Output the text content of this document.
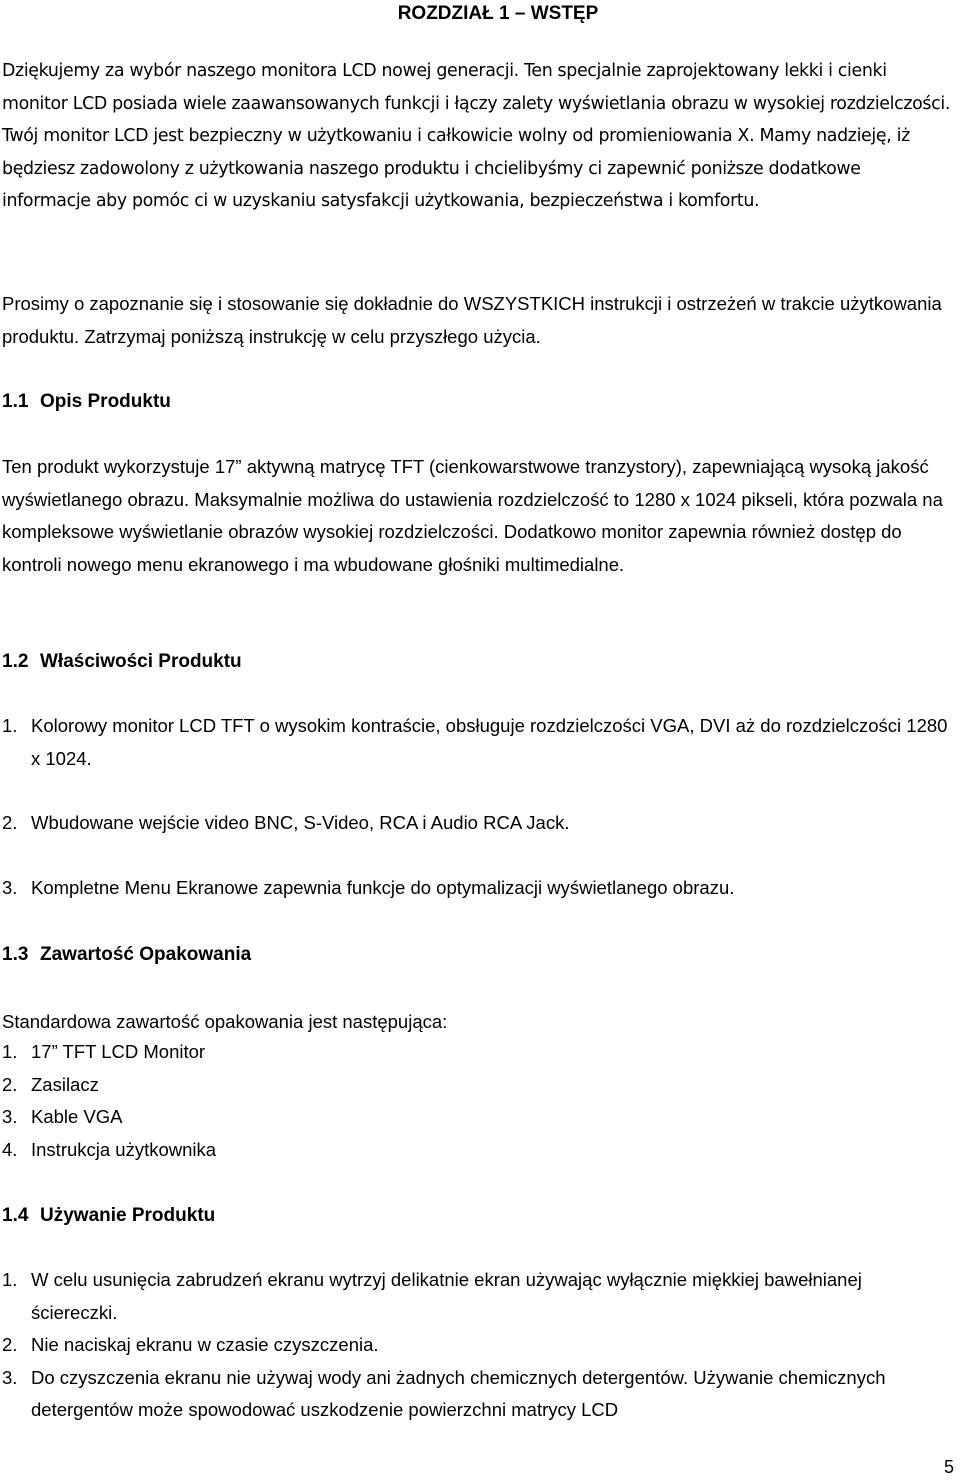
ROZDZIAŁ 1 – WSTĘP

Dziękujemy za wybór naszego monitora LCD nowej generacji. Ten specjalnie zaprojektowany lekki i cienki monitor LCD posiada wiele zaawansowanych funkcji i łączy zalety wyświetlania obrazu w wysokiej rozdzielczości. Twój monitor LCD jest bezpieczny w użytkowaniu i całkowicie wolny od promieniowania X. Mamy nadzieję, iż będziesz zadowolony z użytkowania naszego produktu i chcielibyśmy ci zapewnić poniższe dodatkowe informacje aby pomóc ci w uzyskaniu satysfakcji użytkowania, bezpieczeństwa i komfortu.

Prosimy o zapoznanie się i stosowanie się dokładnie do WSZYSTKICH instrukcji i ostrzeżeń w trakcie użytkowania produktu. Zatrzymaj poniższą instrukcję w celu przyszłego użycia.

1.1 Opis Produktu

Ten produkt wykorzystuje 17” aktywną matrycę TFT (cienkowarstwowe tranzystory), zapewniającą wysoką jakość wyświetlanego obrazu. Maksymalnie możliwa do ustawienia rozdzielczość to 1280 x 1024 pikseli, która pozwala na kompleksowe wyświetlanie obrazów wysokiej rozdzielczości. Dodatkowo monitor zapewnia również dostęp do kontroli nowego menu ekranowego i ma wbudowane głośniki multimedialne.

1.2 Właściwości Produktu
1. Kolorowy monitor LCD TFT o wysokim kontraście, obsługuje rozdzielczości VGA, DVI aż do rozdzielczości 1280 x 1024.
2. Wbudowane wejście video BNC, S-Video, RCA i Audio RCA Jack.
3. Kompletne Menu Ekranowe zapewnia funkcje do optymalizacji wyświetlanego obrazu.
1.3 Zawartość Opakowania

Standardowa zawartość opakowania jest następująca:

1. 17” TFT LCD Monitor
2. Zasilacz
3. Kable VGA
4. Instrukcja użytkownika
1.4 Używanie Produktu
1. W celu usunięcia zabrudzeń ekranu wytrzyj delikatnie ekran używając wyłącznie miękkiej bawełnianej ściereczki.
2. Nie naciskaj ekranu w czasie czyszczenia.
3. Do czyszczenia ekranu nie używaj wody ani żadnych chemicznych detergentów. Używanie chemicznych detergentów może spowodować uszkodzenie powierzchni matrycy LCD
5
